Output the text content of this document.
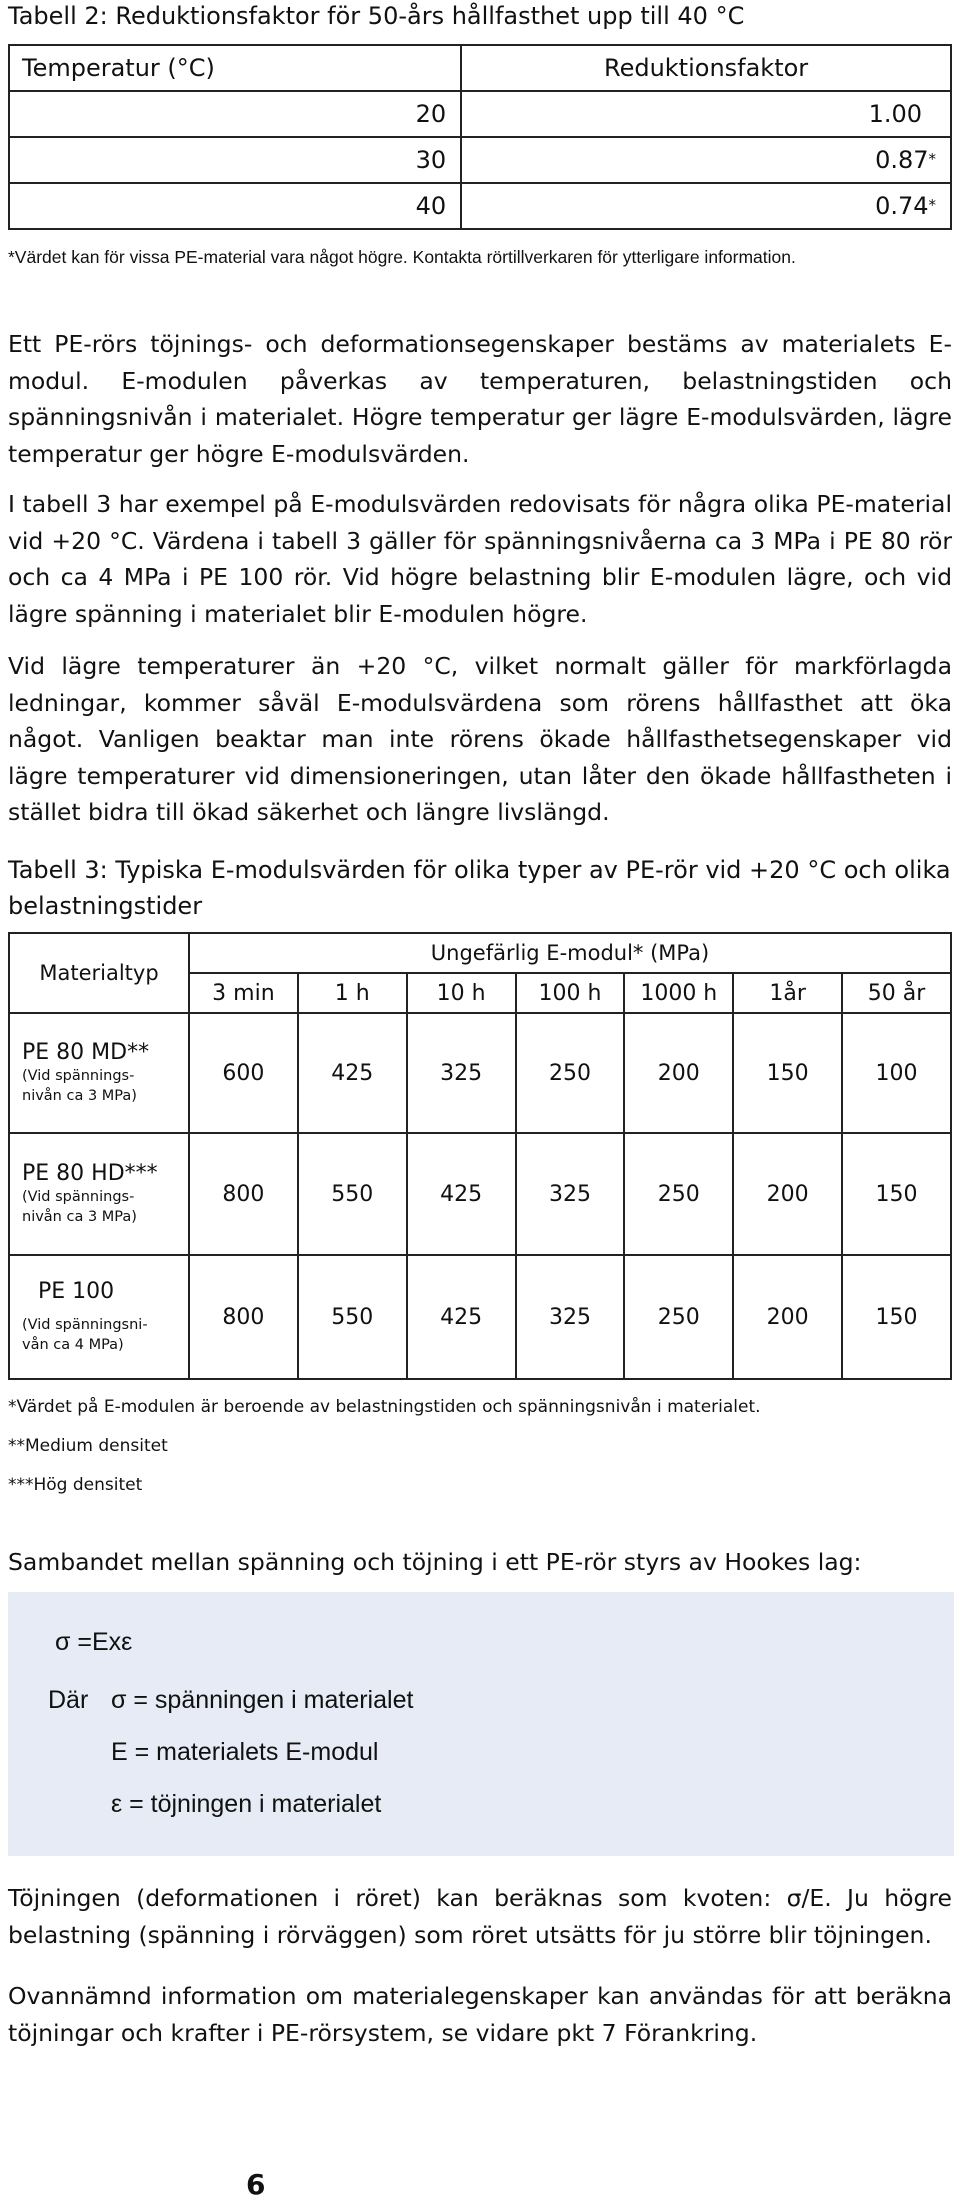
Tabell 2: Reduktionsfaktor för 50-års hållfasthet upp till 40 °C
Temperatur (°C)	Reduktionsfaktor
20	1.00
30	0.87*
40	0.74*
*Värdet kan för vissa PE-material vara något högre. Kontakta rörtillverkaren för ytterligare information.

Ett PE-rörs töjnings- och deformationsegenskaper bestäms av materialets E-modul. E-modulen påverkas av temperaturen, belastningstiden och spänningsnivån i materialet. Högre temperatur ger lägre E-modulsvärden, lägre temperatur ger högre E-modulsvärden.

I tabell 3 har exempel på E-modulsvärden redovisats för några olika PE-material vid +20 °C. Värdena i tabell 3 gäller för spänningsnivåerna ca 3 MPa i PE 80 rör och ca 4 MPa i PE 100 rör. Vid högre belastning blir E-modulen lägre, och vid lägre spänning i materialet blir E-modulen högre.

Vid lägre temperaturer än +20 °C, vilket normalt gäller för markförlagda ledningar, kommer såväl E-modulsvärdena som rörens hållfasthet att öka något. Vanligen beaktar man inte rörens ökade hållfasthetsegenskaper vid lägre temperaturer vid dimensioneringen, utan låter den ökade hållfastheten i stället bidra till ökad säkerhet och längre livslängd.

Tabell 3: Typiska E-modulsvärden för olika typer av PE-rör vid +20 °C och olika belastningstider
Materialtyp	Ungefärlig E-modul* (MPa)						
	3 min	1 h	10 h	100 h	1000 h	1år	50 år

PE 80 MD**
(Vid spännings-
nivån ca 3 MPa)	600	425	325	250	200	150	100

PE 80 HD***
(Vid spännings-
nivån ca 3 MPa)	800	550	425	325	250	200	150

PE 100
(Vid spänningsni-
vån ca 4 MPa)	800	550	425	325	250	200	150
*Värdet på E-modulen är beroende av belastningstiden och spänningsnivån i materialet.
**Medium densitet
***Hög densitet
Sambandet mellan spänning och töjning i ett PE-rör styrs av Hookes lag:
σ =Exε
Där σ = spänningen i materialet
E = materialets E-modul
ε = töjningen i materialet

Töjningen (deformationen i röret) kan beräknas som kvoten: σ/E. Ju högre belastning (spänning i rörväggen) som röret utsätts för ju större blir töjningen.

Ovannämnd information om materialegenskaper kan användas för att beräkna töjningar och krafter i PE-rörsystem, se vidare pkt 7 Förankring.

6
